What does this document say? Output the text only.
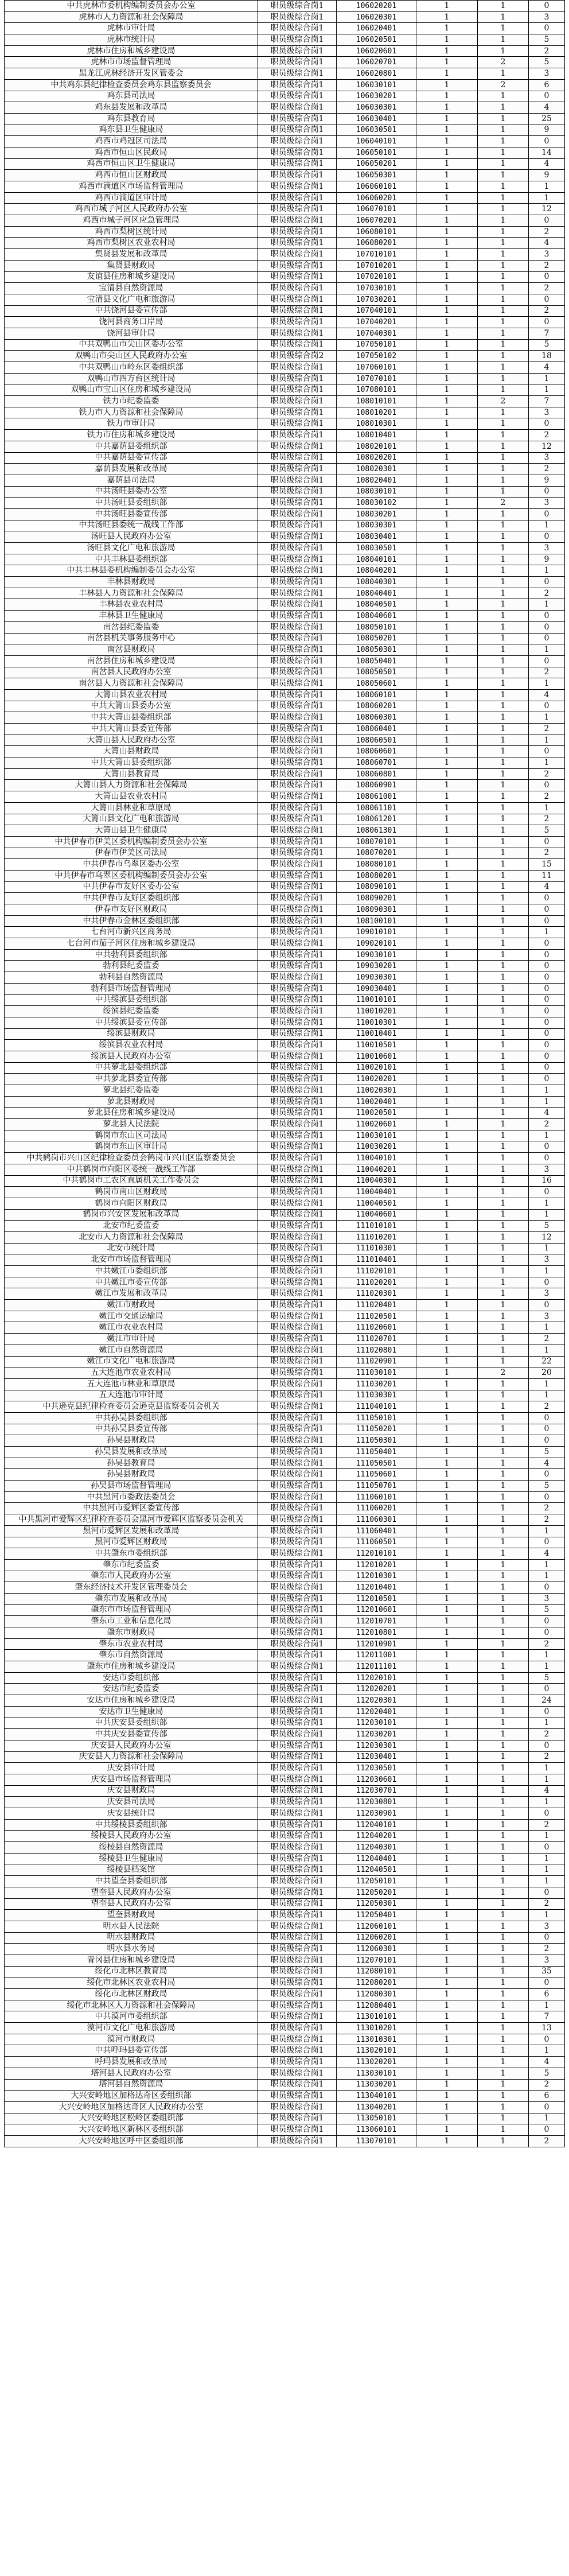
中共虎林市委机构编制委员会办公室	职员级综合岗1	106020201	1	1	0
虎林市人力资源和社会保障局	职员级综合岗1	106020301	1	1	3
虎林市审计局	职员级综合岗1	106020401	1	1	0
虎林市统计局	职员级综合岗1	106020501	1	1	5
虎林市住房和城乡建设局	职员级综合岗1	106020601	1	1	2
虎林市市场监督管理局	职员级综合岗1	106020701	1	2	5
黑龙江虎林经济开发区管委会	职员级综合岗1	106020801	1	1	3
中共鸡东县纪律检查委员会鸡东县监察委员会	职员级综合岗1	106030101	1	2	6
鸡东县司法局	职员级综合岗1	106030201	1	1	0
鸡东县发展和改革局	职员级综合岗1	106030301	1	1	4
鸡东县教育局	职员级综合岗1	106030401	1	1	25
鸡东县卫生健康局	职员级综合岗1	106030501	1	1	9
鸡西市鸡冠区司法局	职员级综合岗1	106040101	1	1	0
鸡西市恒山区民政局	职员级综合岗1	106050101	1	1	14
鸡西市恒山区卫生健康局	职员级综合岗1	106050201	1	1	4
鸡西市恒山区财政局	职员级综合岗1	106050301	1	1	9
鸡西市滴道区市场监督管理局	职员级综合岗1	106060101	1	1	1
鸡西市滴道区审计局	职员级综合岗1	106060201	1	1	1
鸡西市城子河区人民政府办公室	职员级综合岗1	106070101	1	1	12
鸡西市城子河区应急管理局	职员级综合岗1	106070201	1	1	0
鸡西市梨树区统计局	职员级综合岗1	106080101	1	1	2
鸡西市梨树区农业农村局	职员级综合岗1	106080201	1	1	4
集贤县发展和改革局	职员级综合岗1	107010101	1	1	3
集贤县财政局	职员级综合岗1	107010201	1	1	2
友谊县住房和城乡建设局	职员级综合岗1	107020101	1	1	0
宝清县自然资源局	职员级综合岗1	107030101	1	1	2
宝清县文化广电和旅游局	职员级综合岗1	107030201	1	1	0
中共饶河县委宣传部	职员级综合岗1	107040101	1	1	2
饶河县商务口岸局	职员级综合岗1	107040201	1	1	0
饶河县审计局	职员级综合岗1	107040301	1	1	7
中共双鸭山市尖山区委办公室	职员级综合岗1	107050101	1	1	5
双鸭山市尖山区人民政府办公室	职员级综合岗2	107050102	1	1	18
中共双鸭山市岭东区委组织部	职员级综合岗1	107060101	1	1	4
双鸭山市四方台区统计局	职员级综合岗1	107070101	1	1	1
双鸭山市宝山区住房和城乡建设局	职员级综合岗1	107080101	1	1	1
铁力市纪委监委	职员级综合岗1	108010101	1	2	7
铁力市人力资源和社会保障局	职员级综合岗1	108010201	1	1	3
铁力市审计局	职员级综合岗1	108010301	1	1	0
铁力市住房和城乡建设局	职员级综合岗1	108010401	1	1	2
中共嘉荫县委组织部	职员级综合岗1	108020101	1	1	12
中共嘉荫县委宣传部	职员级综合岗1	108020201	1	1	3
嘉荫县发展和改革局	职员级综合岗1	108020301	1	1	2
嘉荫县司法局	职员级综合岗1	108020401	1	1	9
中共汤旺县委办公室	职员级综合岗1	108030101	1	1	0
中共汤旺县委组织部	职员级综合岗1	108030102	1	2	3
中共汤旺县委宣传部	职员级综合岗1	108030201	1	1	0
中共汤旺县委统一战线工作部	职员级综合岗1	108030301	1	1	1
汤旺县人民政府办公室	职员级综合岗1	108030401	1	1	0
汤旺县文化广电和旅游局	职员级综合岗1	108030501	1	1	3
中共丰林县委组织部	职员级综合岗1	108040101	1	1	9
中共丰林县委机构编制委员会办公室	职员级综合岗1	108040201	1	1	1
丰林县财政局	职员级综合岗1	108040301	1	1	0
丰林县人力资源和社会保障局	职员级综合岗1	108040401	1	1	2
丰林县农业农村局	职员级综合岗1	108040501	1	1	1
丰林县卫生健康局	职员级综合岗1	108040601	1	1	0
南岔县纪委监委	职员级综合岗1	108050101	1	1	0
南岔县机关事务服务中心	职员级综合岗1	108050201	1	1	0
南岔县财政局	职员级综合岗1	108050301	1	1	1
南岔县住房和城乡建设局	职员级综合岗1	108050401	1	1	0
南岔县人民政府办公室	职员级综合岗1	108050501	1	1	2
南岔县人力资源和社会保障局	职员级综合岗1	108050601	1	1	1
大箐山县农业农村局	职员级综合岗1	108060101	1	1	4
中共大箐山县委办公室	职员级综合岗1	108060201	1	1	0
中共大箐山县委组织部	职员级综合岗1	108060301	1	1	1
中共大箐山县委宣传部	职员级综合岗1	108060401	1	1	2
大箐山县人民政府办公室	职员级综合岗1	108060501	1	1	1
大箐山县财政局	职员级综合岗1	108060601	1	1	0
中共大箐山县委组织部	职员级综合岗1	108060701	1	1	1
大箐山县教育局	职员级综合岗1	108060801	1	1	2
大箐山县人力资源和社会保障局	职员级综合岗1	108060901	1	1	0
大箐山县农业农村局	职员级综合岗1	108061001	1	1	2
大箐山县林业和草原局	职员级综合岗1	108061101	1	1	1
大箐山县文化广电和旅游局	职员级综合岗1	108061201	1	1	2
大箐山县卫生健康局	职员级综合岗1	108061301	1	1	5
中共伊春市伊美区委机构编制委员会办公室	职员级综合岗1	108070101	1	1	0
伊春市伊美区司法局	职员级综合岗1	108070201	1	1	2
中共伊春市乌翠区委办公室	职员级综合岗1	108080101	1	1	15
中共伊春市乌翠区委机构编制委员会办公室	职员级综合岗1	108080201	1	1	11
中共伊春市友好区委办公室	职员级综合岗1	108090101	1	1	4
中共伊春市友好区委组织部	职员级综合岗1	108090201	1	1	0
伊春市友好区财政局	职员级综合岗1	108090301	1	1	0
中共伊春市金林区委组织部	职员级综合岗1	108100101	1	1	0
七台河市新兴区商务局	职员级综合岗1	109010101	1	1	1
七台河市茄子河区住房和城乡建设局	职员级综合岗1	109020101	1	1	0
中共勃利县委组织部	职员级综合岗1	109030101	1	1	0
勃利县纪委监委	职员级综合岗1	109030201	1	1	0
勃利县自然资源局	职员级综合岗1	109030301	1	1	0
勃利县市场监督管理局	职员级综合岗1	109030401	1	1	0
中共绥滨县委组织部	职员级综合岗1	110010101	1	1	0
绥滨县纪委监委	职员级综合岗1	110010201	1	1	0
中共绥滨县委宣传部	职员级综合岗1	110010301	1	1	0
绥滨县财政局	职员级综合岗1	110010401	1	1	0
绥滨县农业农村局	职员级综合岗1	110010501	1	1	0
绥滨县人民政府办公室	职员级综合岗1	110010601	1	1	0
中共萝北县委组织部	职员级综合岗1	110020101	1	1	0
中共萝北县委宣传部	职员级综合岗1	110020201	1	1	0
萝北县纪委监委	职员级综合岗1	110020301	1	1	1
萝北县财政局	职员级综合岗1	110020401	1	1	1
萝北县住房和城乡建设局	职员级综合岗1	110020501	1	1	4
萝北县人民法院	职员级综合岗1	110020601	1	1	2
鹤岗市东山区司法局	职员级综合岗1	110030101	1	1	1
鹤岗市东山区审计局	职员级综合岗1	110030201	1	1	0
中共鹤岗市兴山区纪律检查委员会鹤岗市兴山区监察委员会	职员级综合岗1	110040101	1	1	0
中共鹤岗市向阳区委统一战线工作部	职员级综合岗1	110040201	1	1	3
中共鹤岗市工农区直属机关工作委员会	职员级综合岗1	110040301	1	1	16
鹤岗市南山区财政局	职员级综合岗1	110040401	1	1	0
鹤岗市向阳区财政局	职员级综合岗1	110040501	1	1	1
鹤岗市兴安区发展和改革局	职员级综合岗1	110040601	1	1	1
北安市纪委监委	职员级综合岗1	111010101	1	1	5
北安市人力资源和社会保障局	职员级综合岗1	111010201	1	1	12
北安市统计局	职员级综合岗1	111010301	1	1	1
北安市市场监督管理局	职员级综合岗1	111010401	1	1	3
中共嫩江市委组织部	职员级综合岗1	111020101	1	1	1
中共嫩江市委宣传部	职员级综合岗1	111020201	1	1	0
嫩江市发展和改革局	职员级综合岗1	111020301	1	1	3
嫩江市财政局	职员级综合岗1	111020401	1	1	0
嫩江市交通运输局	职员级综合岗1	111020501	1	1	3
嫩江市农业农村局	职员级综合岗1	111020601	1	1	1
嫩江市审计局	职员级综合岗1	111020701	1	1	2
嫩江市自然资源局	职员级综合岗1	111020801	1	1	1
嫩江市文化广电和旅游局	职员级综合岗1	111020901	1	1	22
五大连池市农业农村局	职员级综合岗1	111030101	1	2	20
五大连池市林业和草原局	职员级综合岗1	111030201	1	1	1
五大连池市审计局	职员级综合岗1	111030301	1	1	1
中共逊克县纪律检查委员会逊克县监察委员会机关	职员级综合岗1	111040101	1	1	2
中共孙吴县委组织部	职员级综合岗1	111050101	1	1	0
中共孙吴县委宣传部	职员级综合岗1	111050201	1	1	0
孙吴县财政局	职员级综合岗1	111050301	1	1	0
孙吴县发展和改革局	职员级综合岗1	111050401	1	1	5
孙吴县教育局	职员级综合岗1	111050501	1	1	4
孙吴县财政局	职员级综合岗1	111050601	1	1	0
孙吴县市场监督管理局	职员级综合岗1	111050701	1	1	5
中共黑河市委政法委员会	职员级综合岗1	111060101	1	1	0
中共黑河市爱辉区委宣传部	职员级综合岗1	111060201	1	1	2
中共黑河市爱辉区纪律检查委员会黑河市爱辉区监察委员会机关	职员级综合岗1	111060301	1	1	2
黑河市爱辉区发展和改革局	职员级综合岗1	111060401	1	1	1
黑河市爱辉区财政局	职员级综合岗1	111060501	1	1	0
中共肇东市委组织部	职员级综合岗1	112010101	1	1	4
肇东市纪委监委	职员级综合岗1	112010201	1	1	1
肇东市人民政府办公室	职员级综合岗1	112010301	1	1	1
肇东经济技术开发区管理委员会	职员级综合岗1	112010401	1	1	0
肇东市发展和改革局	职员级综合岗1	112010501	1	1	3
肇东市市场监督管理局	职员级综合岗1	112010601	1	1	5
肇东市工业和信息化局	职员级综合岗1	112010701	1	1	0
肇东市财政局	职员级综合岗1	112010801	1	1	0
肇东市农业农村局	职员级综合岗1	112010901	1	1	2
肇东市自然资源局	职员级综合岗1	112011001	1	1	1
肇东市住房和城乡建设局	职员级综合岗1	112011101	1	1	1
安达市委组织部	职员级综合岗1	112020101	1	1	5
安达市纪委监委	职员级综合岗1	112020201	1	1	0
安达市住房和城乡建设局	职员级综合岗1	112020301	1	1	24
安达市卫生健康局	职员级综合岗1	112020401	1	1	0
中共庆安县委组织部	职员级综合岗1	112030101	1	1	1
中共庆安县委宣传部	职员级综合岗1	112030201	1	1	2
庆安县人民政府办公室	职员级综合岗1	112030301	1	1	0
庆安县人力资源和社会保障局	职员级综合岗1	112030401	1	1	2
庆安县审计局	职员级综合岗1	112030501	1	1	1
庆安县市场监督管理局	职员级综合岗1	112030601	1	1	1
庆安县财政局	职员级综合岗1	112030701	1	1	4
庆安县司法局	职员级综合岗1	112030801	1	1	1
庆安县统计局	职员级综合岗1	112030901	1	1	0
中共绥棱县委组织部	职员级综合岗1	112040101	1	1	2
绥棱县人民政府办公室	职员级综合岗1	112040201	1	1	1
绥棱县自然资源局	职员级综合岗1	112040301	1	1	0
绥棱县卫生健康局	职员级综合岗1	112040401	1	1	1
绥棱县档案馆	职员级综合岗1	112040501	1	1	1
中共望奎县委组织部	职员级综合岗1	112050101	1	1	1
望奎县人民政府办公室	职员级综合岗1	112050201	1	1	0
望奎县人民政府办公室	职员级综合岗1	112050301	1	1	2
望奎县财政局	职员级综合岗1	112050401	1	1	1
明水县人民法院	职员级综合岗1	112060101	1	1	3
明水县财政局	职员级综合岗1	112060201	1	1	0
明水县水务局	职员级综合岗1	112060301	1	1	2
青冈县住房和城乡建设局	职员级综合岗1	112070101	1	1	3
绥化市北林区教育局	职员级综合岗1	112080101	1	1	35
绥化市北林区农业农村局	职员级综合岗1	112080201	1	1	0
绥化市北林区财政局	职员级综合岗1	112080301	1	1	6
绥化市北林区人力资源和社会保障局	职员级综合岗1	112080401	1	1	1
中共漠河市委组织部	职员级综合岗1	113010101	1	1	7
漠河市文化广电和旅游局	职员级综合岗1	113010201	1	1	13
漠河市财政局	职员级综合岗1	113010301	1	1	0
中共呼玛县委宣传部	职员级综合岗1	113020101	1	1	1
呼玛县发展和改革局	职员级综合岗1	113020201	1	1	4
塔河县人民政府办公室	职员级综合岗1	113030101	1	1	5
塔河县自然资源局	职员级综合岗1	113030201	1	1	2
大兴安岭地区加格达奇区委组织部	职员级综合岗1	113040101	1	1	6
大兴安岭地区加格达奇区人民政府办公室	职员级综合岗1	113040201	1	1	0
大兴安岭地区松岭区委组织部	职员级综合岗1	113050101	1	1	1
大兴安岭地区新林区委组织部	职员级综合岗1	113060101	1	1	0
大兴安岭地区呼中区委组织部	职员级综合岗1	113070101	1	1	2
